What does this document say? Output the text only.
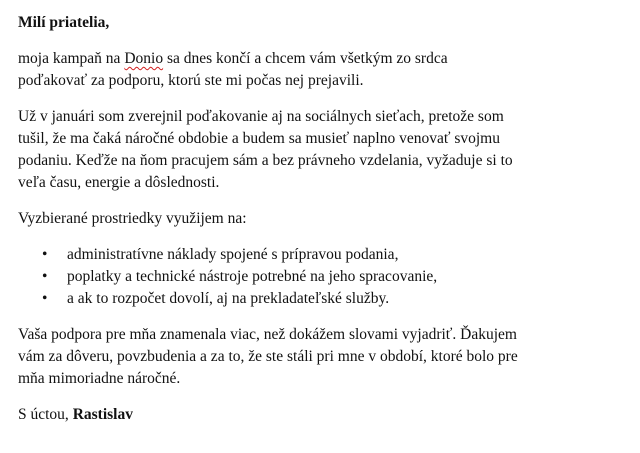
Milí priatelia,

moja kampaň na Donio sa dnes končí a chcem vám všetkým zo srdca
poďakovať za podporu, ktorú ste mi počas nej prejavili.

Už v januári som zverejnil poďakovanie aj na sociálnych sieťach, pretože som
tušil, že ma čaká náročné obdobie a budem sa musieť naplno venovať svojmu
podaniu. Keďže na ňom pracujem sám a bez právneho vzdelania, vyžaduje si to
veľa času, energie a dôslednosti.

Vyzbierané prostriedky využijem na:

• administratívne náklady spojené s prípravou podania,
• poplatky a technické nástroje potrebné na jeho spracovanie,
• a ak to rozpočet dovolí, aj na prekladateľské služby.

Vaša podpora pre mňa znamenala viac, než dokážem slovami vyjadriť. Ďakujem
vám za dôveru, povzbudenia a za to, že ste stáli pri mne v období, ktoré bolo pre
mňa mimoriadne náročné.

S úctou, Rastislav
